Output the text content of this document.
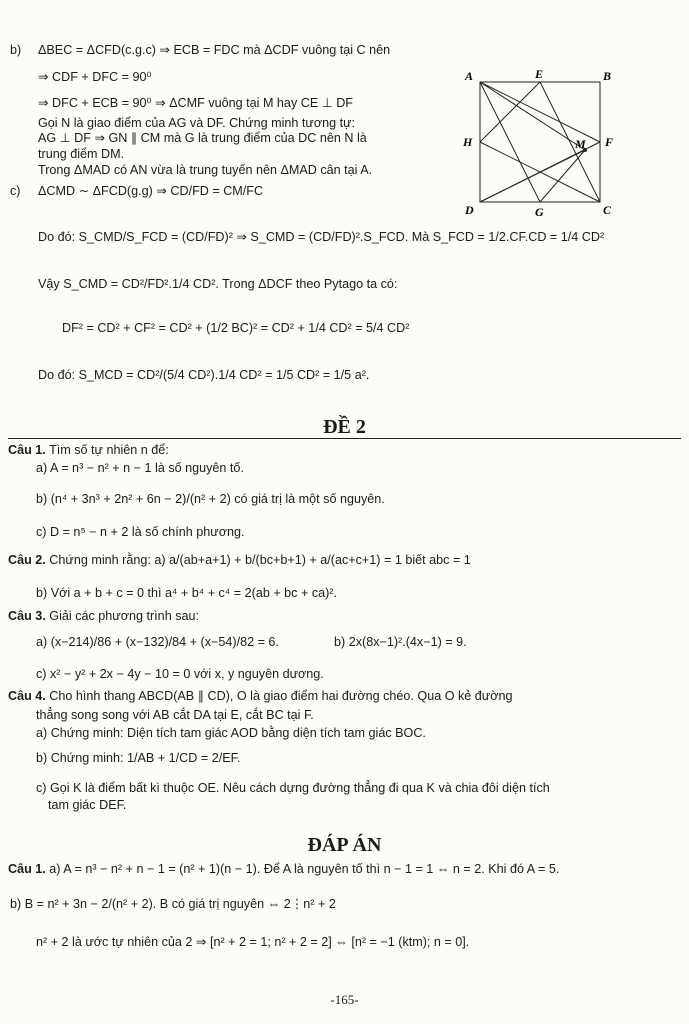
b) ΔBEC = ΔCFD(c.g.c) ⇒ ECB = FDC mà ΔCDF vuông tại C nên
⇒ CDF + DFC = 90⁰
⇒ DFC + ECB = 90⁰ ⇒ ΔCMF vuông tại M hay CE ⊥ DF
Gọi N là giao điểm của AG và DF. Chứng minh tương tự:
AG ⊥ DF ⇒ GN ∥ CM mà G là trung điểm của DC nên N là
trung điểm DM.
Trong ΔMAD có AN vừa là trung tuyến nên ΔMAD cân tại A.
A	E	B
H	M F
D	G	C
c) ΔCMD ∼ ΔFCD(g.g) ⇒ CD/FD = CM/FC
Do đó: S_CMD/S_FCD = (CD/FD)² ⇒ S_CMD = (CD/FD)².S_FCD. Mà S_FCD = 1/2.CF.CD = 1/4 CD²
Vậy S_CMD = CD²/FD².1/4 CD². Trong ΔDCF theo Pytago ta có:
DF² = CD² + CF² = CD² + (1/2 BC)² = CD² + 1/4 CD² = 5/4 CD²
Do đó: S_MCD = CD²/(5/4 CD²).1/4 CD² = 1/5 CD² = 1/5 a².
ĐỀ 2
Câu 1. Tìm số tự nhiên n để:
a) A = n³ − n² + n − 1 là số nguyên tố.
b) (n⁴ + 3n³ + 2n² + 6n − 2)/(n² + 2) có giá trị là một số nguyên.
c) D = n⁵ − n + 2 là số chính phương.
Câu 2. Chứng minh rằng: a) a/(ab+a+1) + b/(bc+b+1) + a/(ac+c+1) = 1 biết abc = 1
b) Với a + b + c = 0 thì a⁴ + b⁴ + c⁴ = 2(ab + bc + ca)².
Câu 3. Giải các phương trình sau:
a) (x−214)/86 + (x−132)/84 + (x−54)/82 = 6.	b) 2x(8x−1)².(4x−1) = 9.
c) x² − y² + 2x − 4y − 10 = 0 với x, y nguyên dương.
Câu 4. Cho hình thang ABCD(AB ∥ CD), O là giao điểm hai đường chéo. Qua O kẻ đường
thẳng song song với AB cắt DA tại E, cắt BC tại F.
a) Chứng minh: Diện tích tam giác AOD bằng diện tích tam giác BOC.
b) Chứng minh: 1/AB + 1/CD = 2/EF.
c) Gọi K là điểm bất kì thuộc OE. Nêu cách dựng đường thẳng đi qua K và chia đôi diện tích
tam giác DEF.
ĐÁP ÁN
Câu 1. a) A = n³ − n² + n − 1 = (n² + 1)(n − 1). Để A là nguyên tố thì n − 1 = 1 ⇔ n = 2. Khi đó A = 5.
b) B = n² + 3n − 2/(n² + 2). B có giá trị nguyên ⇔ 2⋮n² + 2
n² + 2 là ước tự nhiên của 2 ⇒ [n² + 2 = 1; n² + 2 = 2] ⇔ [n² = −1 (ktm); n = 0].
-165-
